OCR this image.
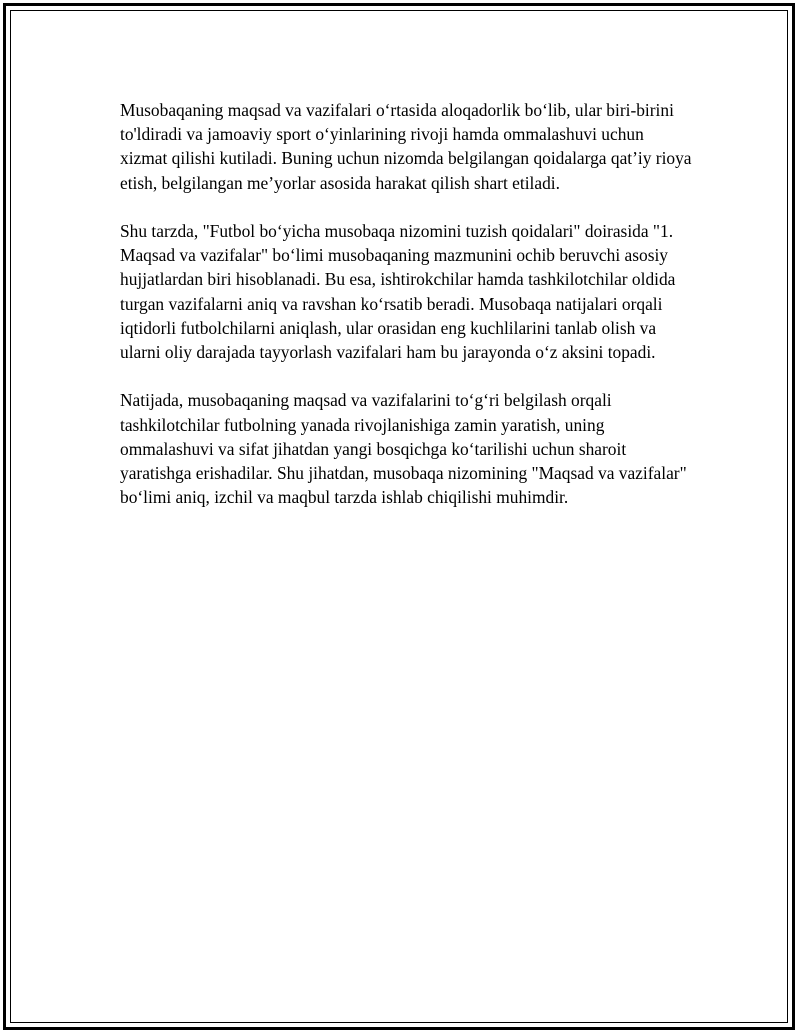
Musobaqaning maqsad va vazifalari oʻrtasida aloqadorlik boʻlib, ular biri-birini to'ldiradi va jamoaviy sport oʻyinlarining rivoji hamda ommalashuvi uchun xizmat qilishi kutiladi. Buning uchun nizomda belgilangan qoidalarga qatʼiy rioya etish, belgilangan meʼyorlar asosida harakat qilish shart etiladi.

Shu tarzda, "Futbol boʻyicha musobaqa nizomini tuzish qoidalari" doirasida "1. Maqsad va vazifalar" boʻlimi musobaqaning mazmunini ochib beruvchi asosiy hujjatlardan biri hisoblanadi. Bu esa, ishtirokchilar hamda tashkilotchilar oldida turgan vazifalarni aniq va ravshan koʻrsatib beradi. Musobaqa natijalari orqali iqtidorli futbolchilarni aniqlash, ular orasidan eng kuchlilarini tanlab olish va ularni oliy darajada tayyorlash vazifalari ham bu jarayonda oʻz aksini topadi.

Natijada, musobaqaning maqsad va vazifalarini toʻgʻri belgilash orqali tashkilotchilar futbolning yanada rivojlanishiga zamin yaratish, uning ommalashuvi va sifat jihatdan yangi bosqichga koʻtarilishi uchun sharoit yaratishga erishadilar. Shu jihatdan, musobaqa nizomining "Maqsad va vazifalar" boʻlimi aniq, izchil va maqbul tarzda ishlab chiqilishi muhimdir.
